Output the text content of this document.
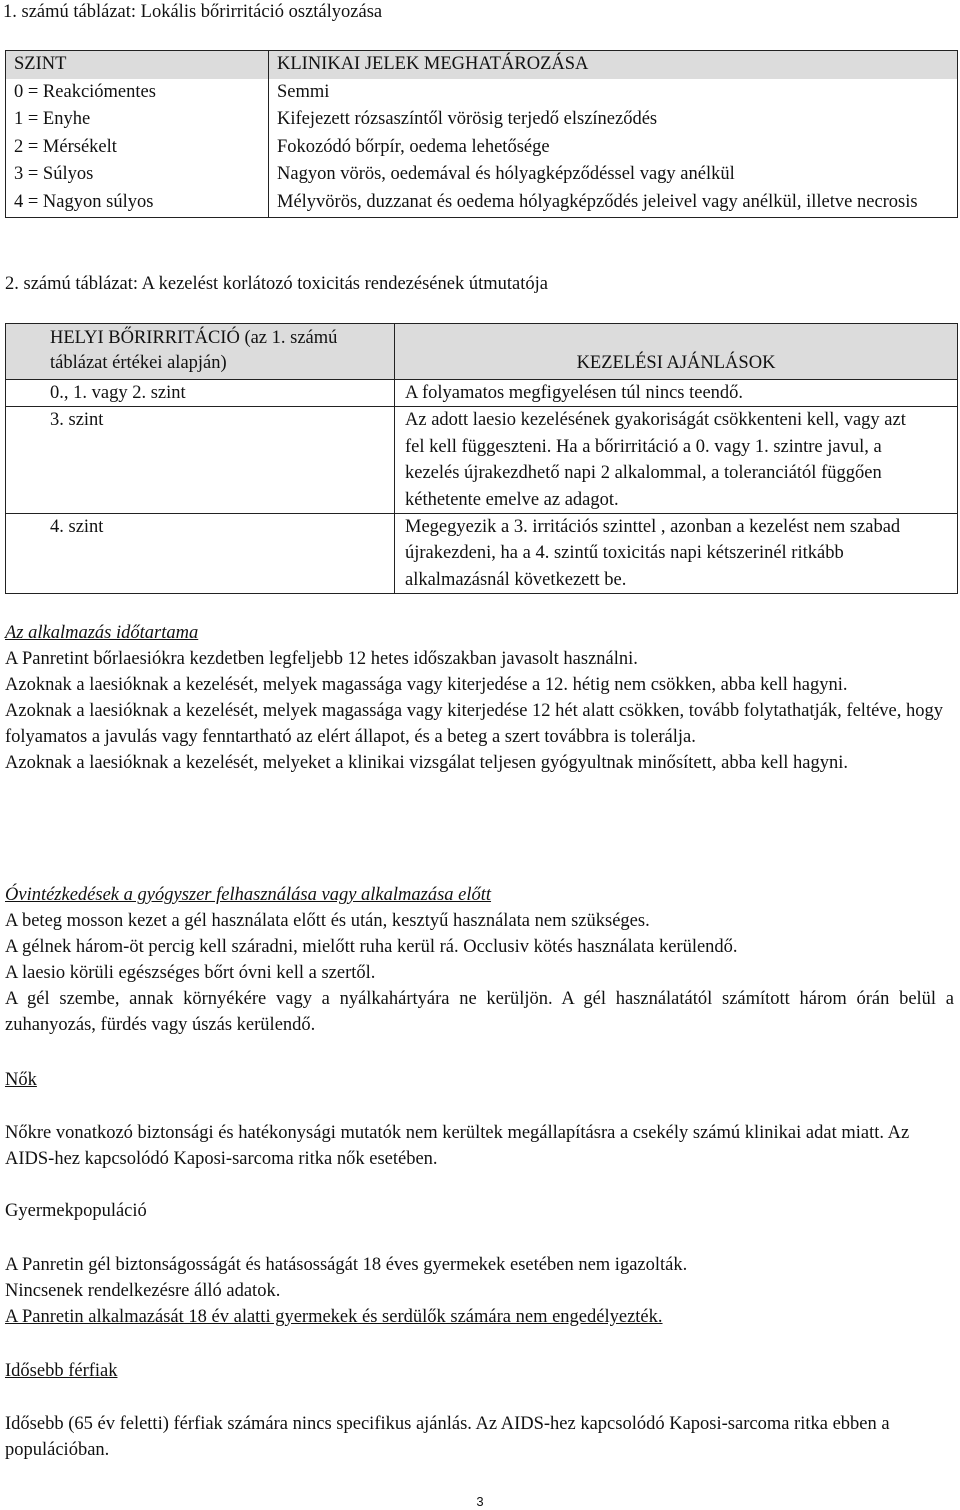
1. számú táblázat: Lokális bőrirritáció osztályozása

SZINT	KLINIKAI JELEK MEGHATÁROZÁSA
0 = Reakciómentes	Semmi
1 = Enyhe	Kifejezett rózsaszíntől vörösig terjedő elszíneződés
2 = Mérsékelt	Fokozódó bőrpír, oedema lehetősége
3 = Súlyos	Nagyon vörös, oedemával és hólyagképződéssel vagy anélkül
4 = Nagyon súlyos	Mélyvörös, duzzanat és oedema hólyagképződés jeleivel vagy anélkül, illetve necrosis

2. számú táblázat: A kezelést korlátozó toxicitás rendezésének útmutatója

HELYI BŐRIRRITÁCIÓ (az 1. számú táblázat értékei alapján)	KEZELÉSI AJÁNLÁSOK
0., 1. vagy 2. szint	A folyamatos megfigyelésen túl nincs teendő.
3. szint	Az adott laesio kezelésének gyakoriságát csökkenteni kell, vagy azt fel kell függeszteni. Ha a bőrirritáció a 0. vagy 1. szintre javul, a kezelés újrakezdhető napi 2 alkalommal, a toleranciától függően kéthetente emelve az adagot.
4. szint	Megegyezik a 3. irritációs szinttel , azonban a kezelést nem szabad újrakezdeni, ha a 4. szintű toxicitás napi kétszerinél ritkább alkalmazásnál következett be.
Az alkalmazás időtartama
A Panretint bőrlaesiókra kezdetben legfeljebb 12 hetes időszakban javasolt használni.
Azoknak a laesióknak a kezelését, melyek magassága vagy kiterjedése a 12. hétig nem csökken, abba kell hagyni.
Azoknak a laesióknak a kezelését, melyek magassága vagy kiterjedése 12 hét alatt csökken, tovább folytathatják, feltéve, hogy folyamatos a javulás vagy fenntartható az elért állapot, és a beteg a szert továbbra is tolerálja.
Azoknak a laesióknak a kezelését, melyeket a klinikai vizsgálat teljesen gyógyultnak minősített, abba kell hagyni.
Óvintézkedések a gyógyszer felhasználása vagy alkalmazása előtt
A beteg mosson kezet a gél használata előtt és után, kesztyű használata nem szükséges.
A gélnek három-öt percig kell száradni, mielőtt ruha kerül rá. Occlusiv kötés használata kerülendő.
A laesio körüli egészséges bőrt óvni kell a szertől.
A gél szembe, annak környékére vagy a nyálkahártyára ne kerüljön. A gél használatától számított három órán belül a zuhanyozás, fürdés vagy úszás kerülendő.
Nők
Nőkre vonatkozó biztonsági és hatékonysági mutatók nem kerültek megállapításra a csekély számú klinikai adat miatt. Az AIDS-hez kapcsolódó Kaposi-sarcoma ritka nők esetében.
Gyermekpopuláció
A Panretin gél biztonságosságát és hatásosságát 18 éves gyermekek esetében nem igazolták.
Nincsenek rendelkezésre álló adatok.
A Panretin alkalmazását 18 év alatti gyermekek és serdülők számára nem engedélyezték.
Idősebb férfiak
Idősebb (65 év feletti) férfiak számára nincs specifikus ajánlás. Az AIDS-hez kapcsolódó Kaposi-sarcoma ritka ebben a populációban.
3
